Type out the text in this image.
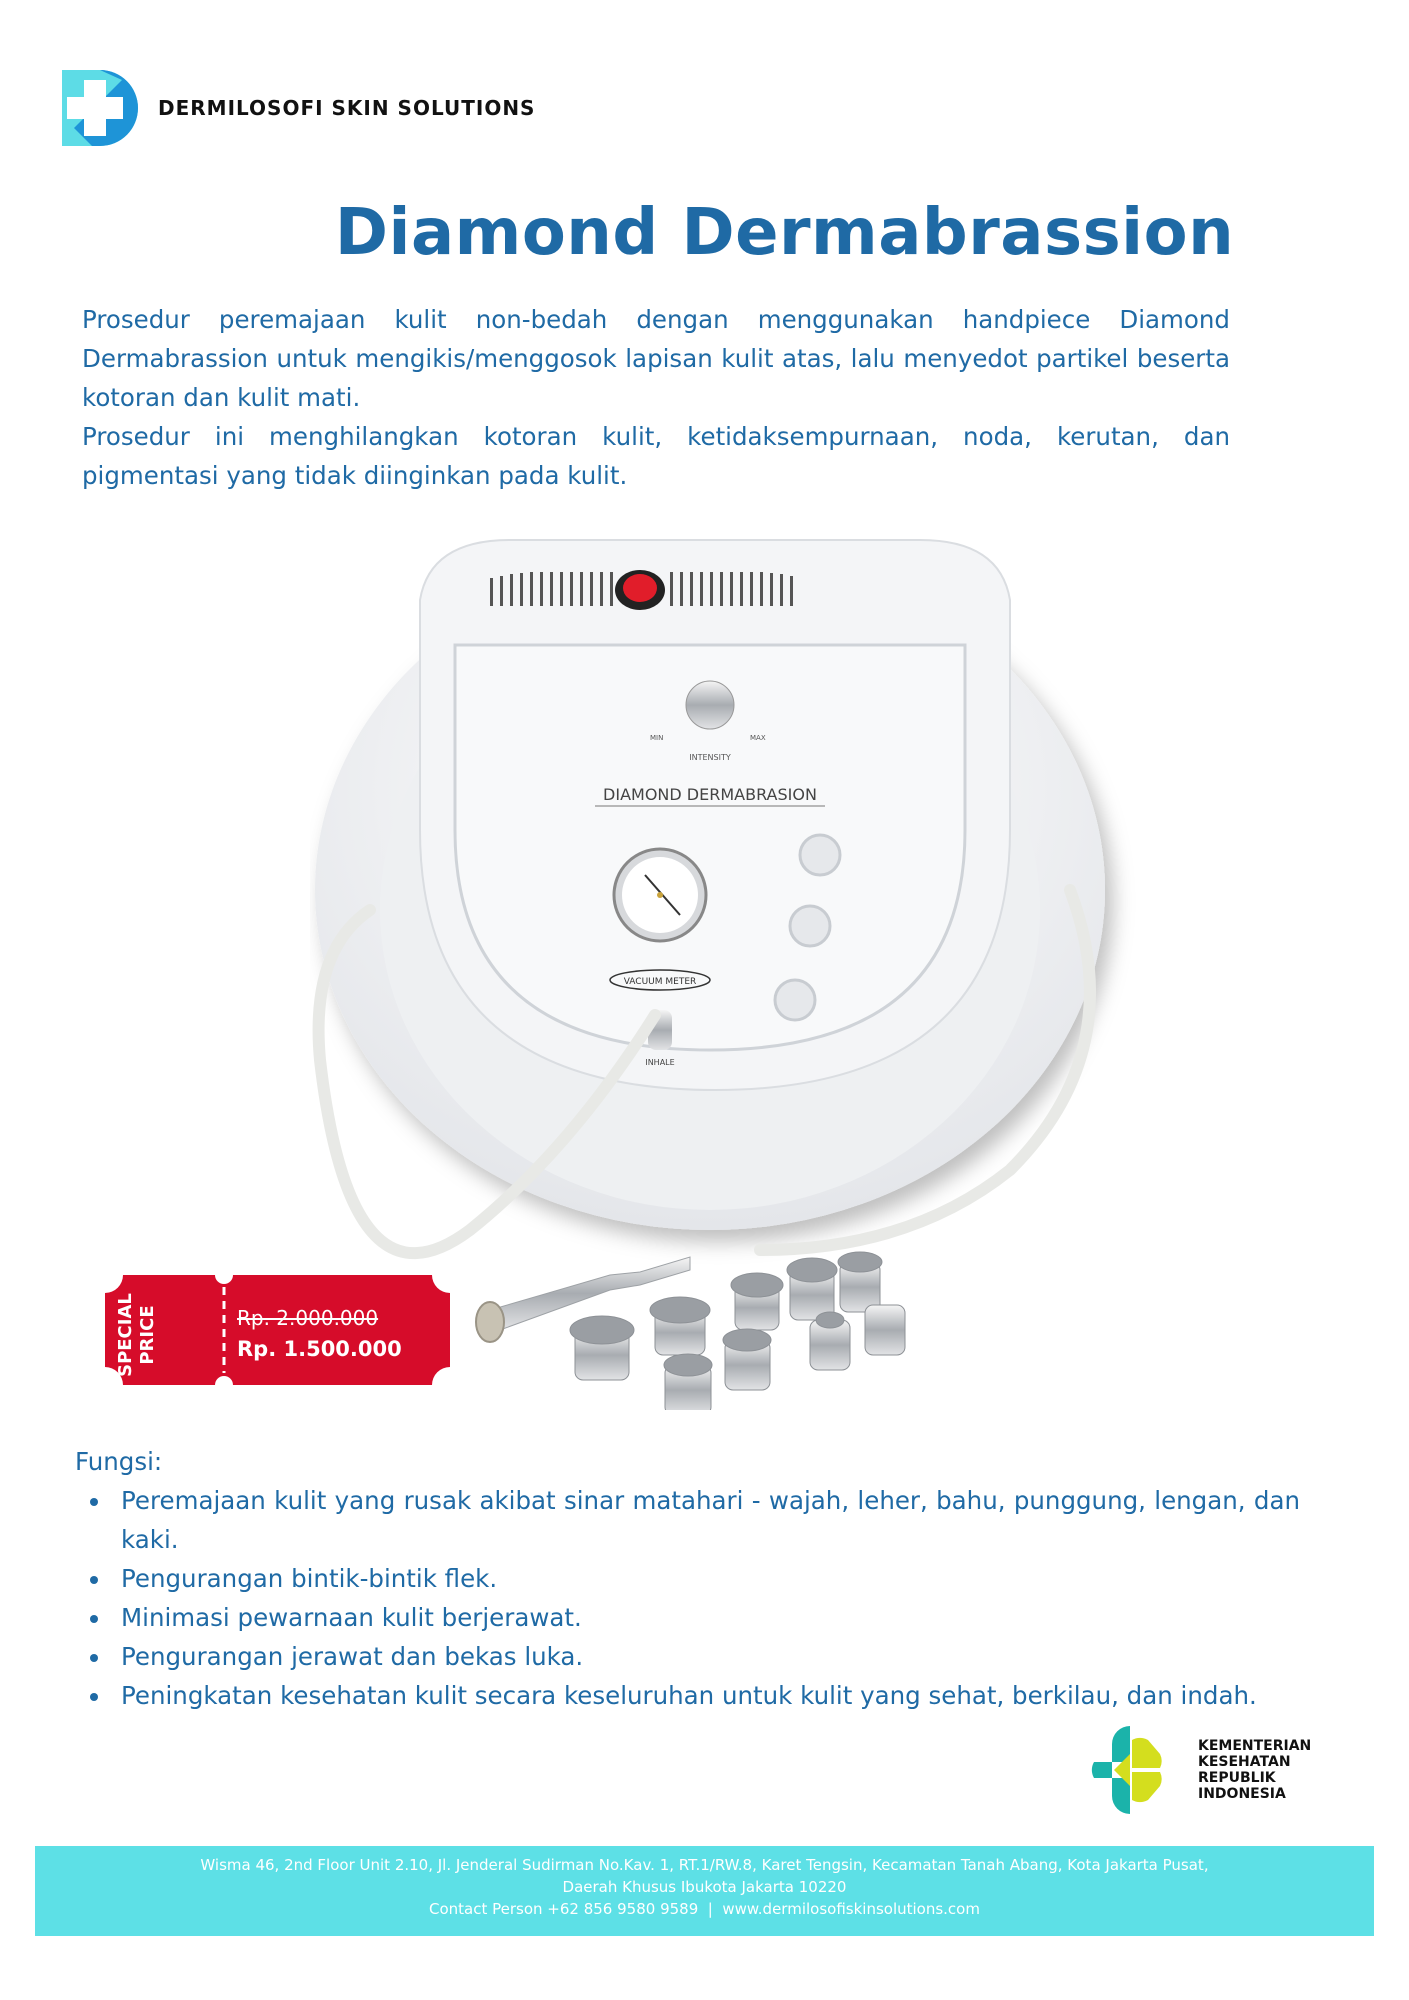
DERMILOSOFI SKIN SOLUTIONS
Diamond Dermabrassion

Prosedur peremajaan kulit non-bedah dengan menggunakan handpiece Diamond Dermabrassion untuk mengikis/menggosok lapisan kulit atas, lalu menyedot partikel beserta kotoran dan kulit mati.

Prosedur ini menghilangkan kotoran kulit, ketidaksempurnaan, noda, kerutan, dan pigmentasi yang tidak diinginkan pada kulit.

MIN	MAX
INTENSITY
DIAMOND DERMABRASION
VACUUM METER
INHALE
SPECIAL PRICE	Rp. 2.000.000
Rp. 1.500.000
Fungsi:
Peremajaan kulit yang rusak akibat sinar matahari - wajah, leher, bahu, punggung, lengan, dan kaki.
Pengurangan bintik-bintik flek.
Minimasi pewarnaan kulit berjerawat.
Pengurangan jerawat dan bekas luka.
Peningkatan kesehatan kulit secara keseluruhan untuk kulit yang sehat, berkilau, dan indah.
KEMENTERIAN
KESEHATAN
REPUBLIK
INDONESIA
Wisma 46, 2nd Floor Unit 2.10, Jl. Jenderal Sudirman No.Kav. 1, RT.1/RW.8, Karet Tengsin, Kecamatan Tanah Abang, Kota Jakarta Pusat,
Daerah Khusus Ibukota Jakarta 10220
Contact Person +62 856 9580 9589  |  www.dermilosofiskinsolutions.com
